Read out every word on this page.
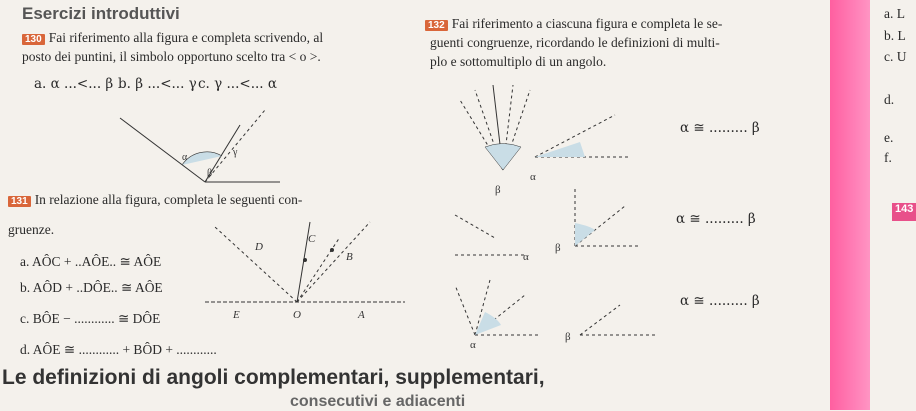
Esercizi introduttivi
130 Fai riferimento alla figura e completa scrivendo, al
posto dei puntini, il simbolo opportuno scelto tra < o >.
a. α ...<... β b. β ...<... γ c. γ ...<... α
α	γ
β
132 Fai riferimento a ciascuna figura e completa le se-
guenti congruenze, ricordando le definizioni di multi-
plo e sottomultiplo di un angolo.
β
α
α ≅ ......... β
α
β
α ≅ ......... β
α
β
α ≅ ......... β
131 In relazione alla figura, completa le seguenti con-
gruenze.
a. AÔC + ..AÔE.. ≅ AÔE
b. AÔD + ..DÔE.. ≅ AÔE
c. BÔE − ............ ≅ DÔE
d. AÔE ≅ ............ + BÔD + ............
D
C
B
E	O	A
a. L
b. L
c. U
d.
e.
f.
143
Le definizioni di angoli complementari, supplementari,
consecutivi e adiacenti
